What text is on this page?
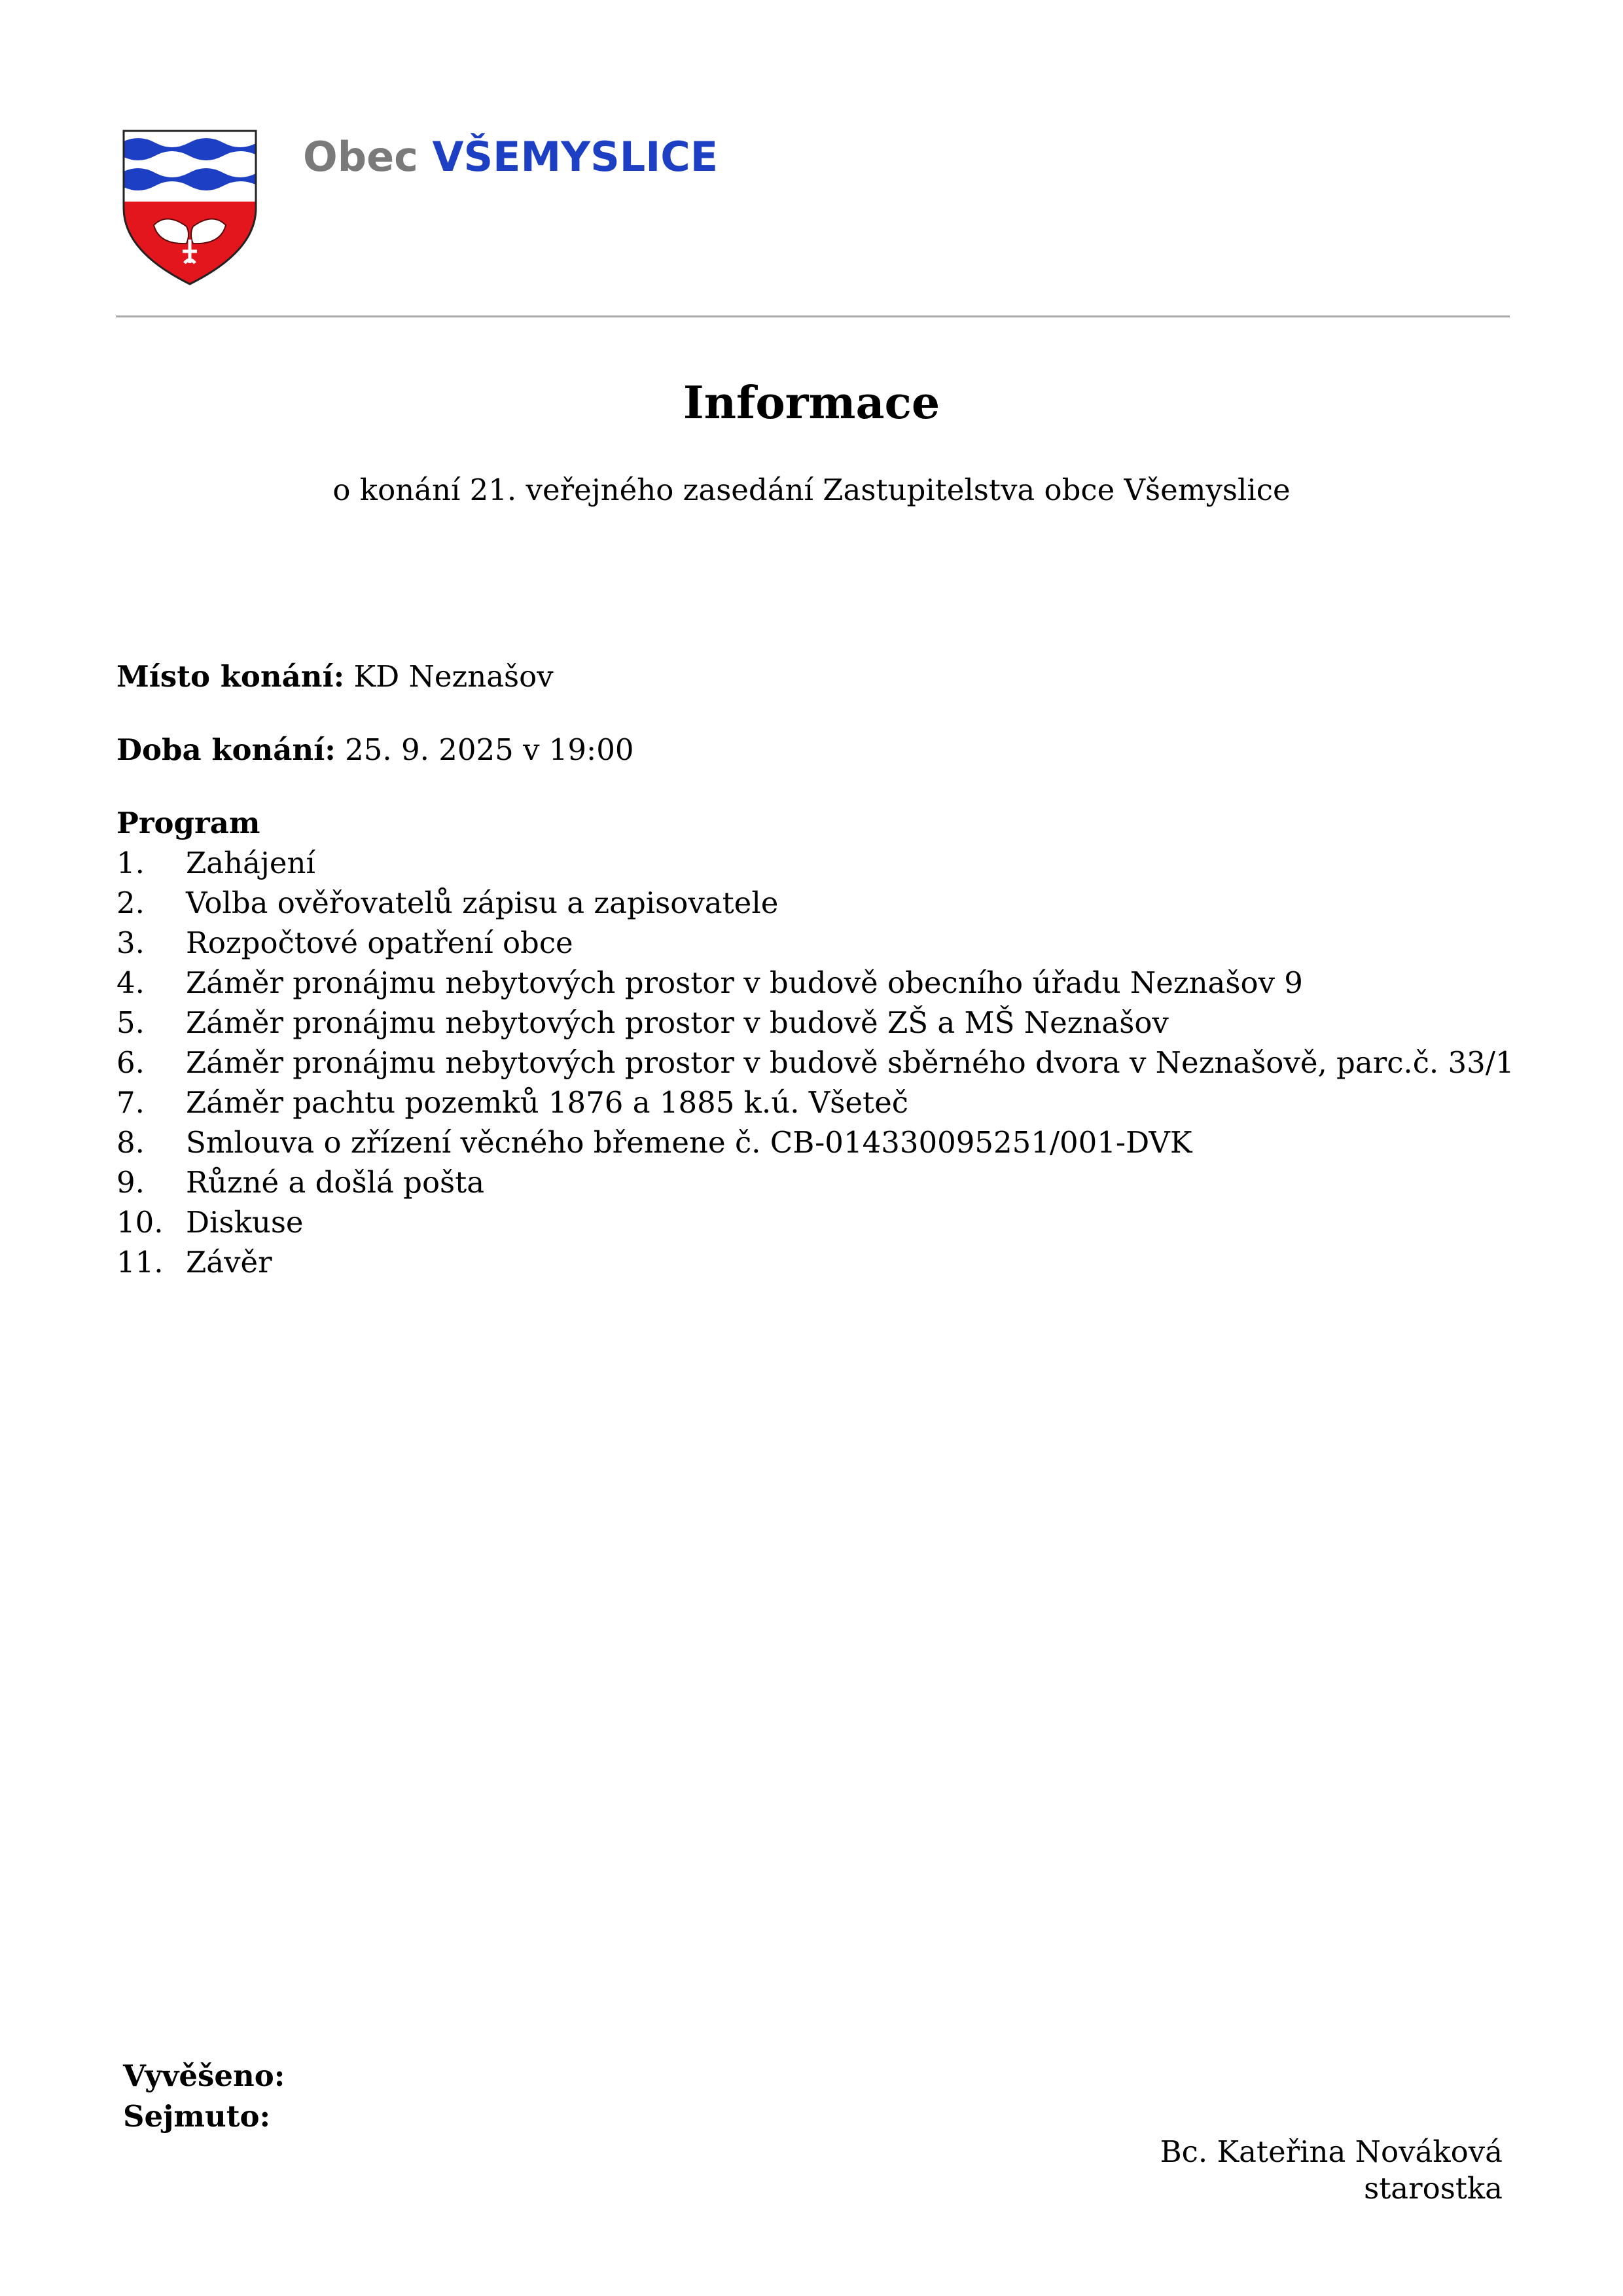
Obec VŠEMYSLICE
Informace
o konání 21. veřejného zasedání Zastupitelstva obce Všemyslice
Místo konání: KD Neznašov
Doba konání: 25. 9. 2025 v 19:00
Program
1. Zahájení
2. Volba ověřovatelů zápisu a zapisovatele
3. Rozpočtové opatření obce
4. Záměr pronájmu nebytových prostor v budově obecního úřadu Neznašov 9
5. Záměr pronájmu nebytových prostor v budově ZŠ a MŠ Neznašov
6. Záměr pronájmu nebytových prostor v budově sběrného dvora v Neznašově, parc.č. 33/1
7. Záměr pachtu pozemků 1876 a 1885 k.ú. Všeteč
8. Smlouva o zřízení věcného břemene č. CB-014330095251/001-DVK
9. Různé a došlá pošta
10. Diskuse
11. Závěr
Vyvěšeno:
Sejmuto:
Bc. Kateřina Nováková
starostka
